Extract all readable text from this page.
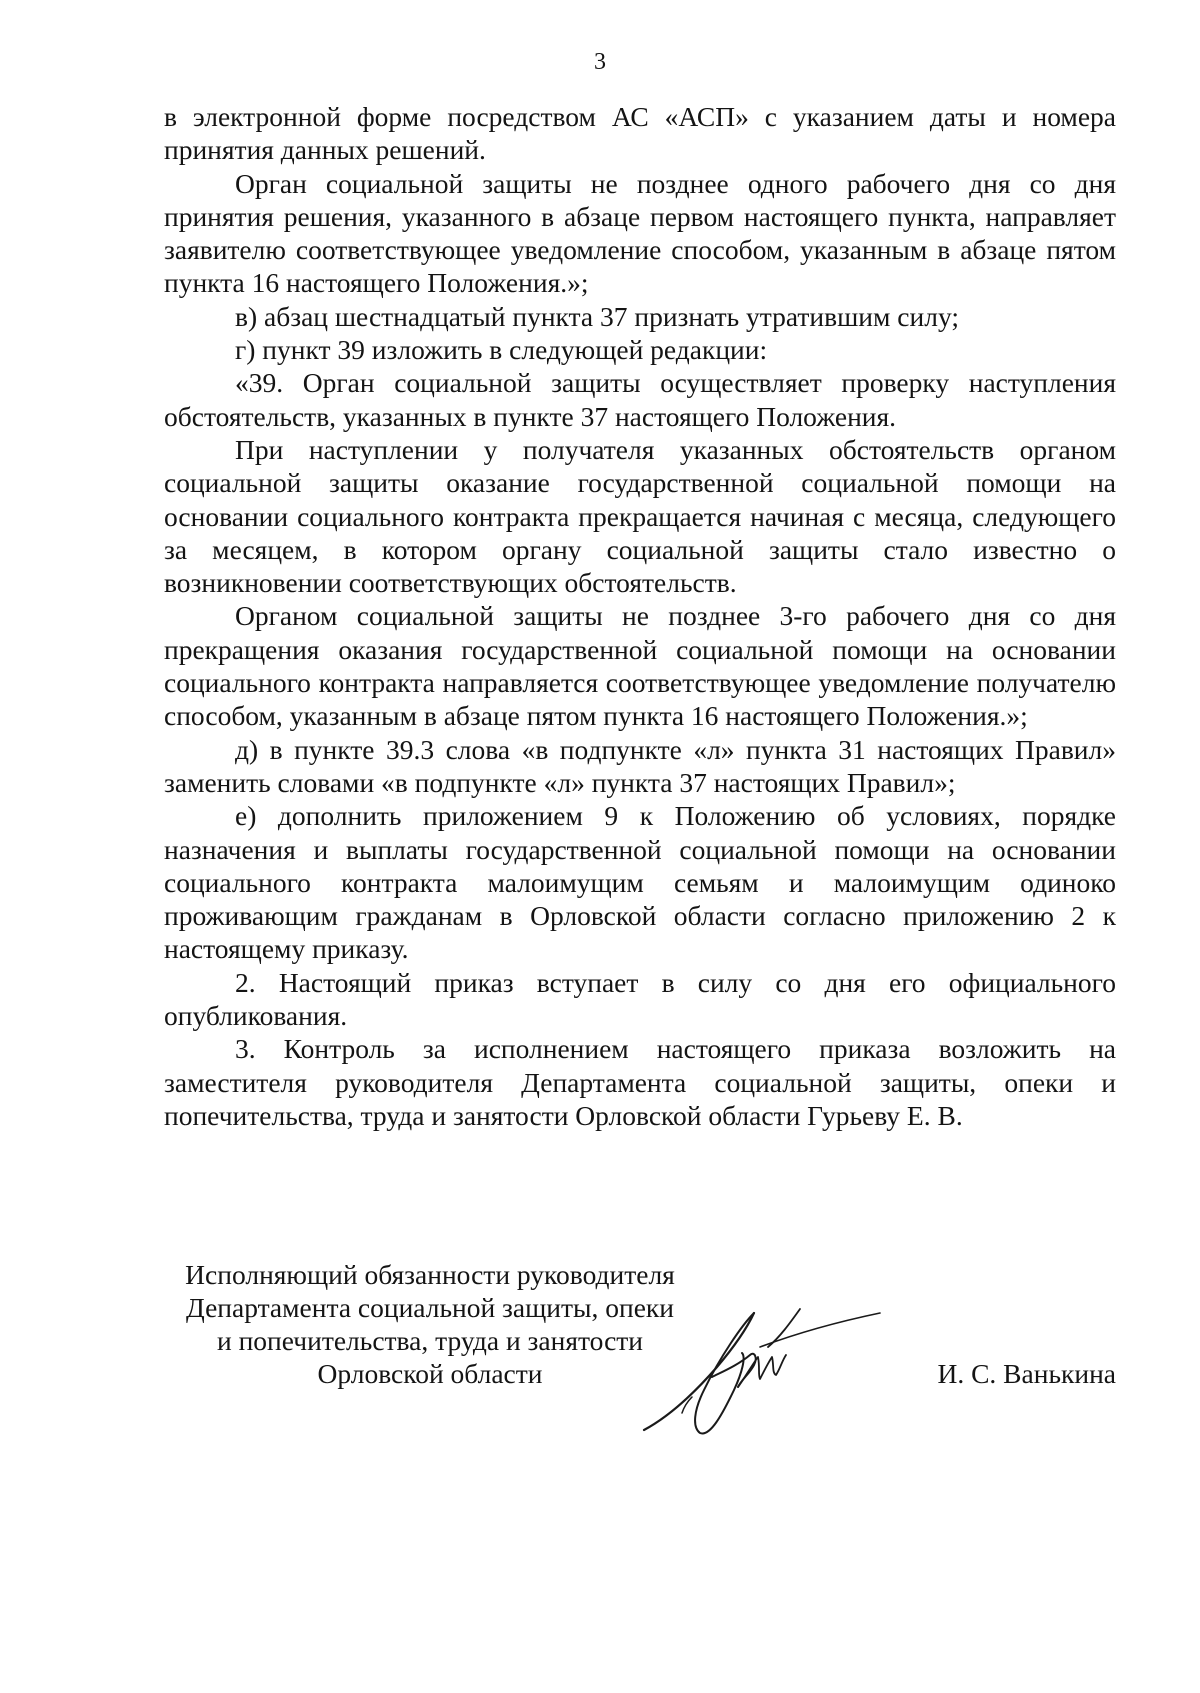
3

в электронной форме посредством АС «АСП» с указанием даты и номера принятия данных решений.

Орган социальной защиты не позднее одного рабочего дня со дня принятия решения, указанного в абзаце первом настоящего пункта, направляет заявителю соответствующее уведомление способом, указанным в абзаце пятом пункта 16 настоящего Положения.»;

в) абзац шестнадцатый пункта 37 признать утратившим силу;

г) пункт 39 изложить в следующей редакции:

«39. Орган социальной защиты осуществляет проверку наступления обстоятельств, указанных в пункте 37 настоящего Положения.

При наступлении у получателя указанных обстоятельств органом социальной защиты оказание государственной социальной помощи на основании социального контракта прекращается начиная с месяца, следующего за месяцем, в котором органу социальной защиты стало известно о возникновении соответствующих обстоятельств.

Органом социальной защиты не позднее 3-го рабочего дня со дня прекращения оказания государственной социальной помощи на основании социального контракта направляется соответствующее уведомление получателю способом, указанным в абзаце пятом пункта 16 настоящего Положения.»;

д) в пункте 39.3 слова «в подпункте «л» пункта 31 настоящих Правил» заменить словами «в подпункте «л» пункта 37 настоящих Правил»;

е) дополнить приложением 9 к Положению об условиях, порядке назначения и выплаты государственной социальной помощи на основании социального контракта малоимущим семьям и малоимущим одиноко проживающим гражданам в Орловской области согласно приложению 2 к настоящему приказу.

2. Настоящий приказ вступает в силу со дня его официального опубликования.

3. Контроль за исполнением настоящего приказа возложить на заместителя руководителя Департамента социальной защиты, опеки и попечительства, труда и занятости Орловской области Гурьеву Е. В.

Исполняющий обязанности руководителя
Департамента социальной защиты, опеки
и попечительства, труда и занятости
Орловской области	И. С. Ванькина
